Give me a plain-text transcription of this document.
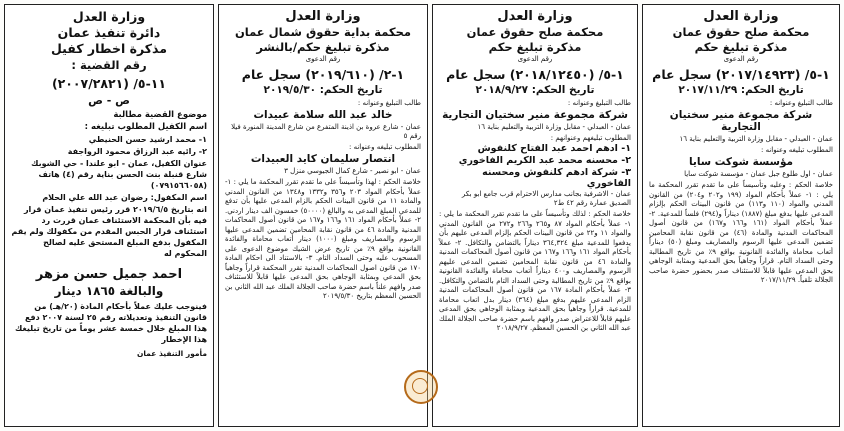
وزارة العدل
محكمة صلح حقوق عمان
مذكرة تبليغ حكم
رقم الدعوى
١-٥/ (٢٠١٧/١٤٩٢٣) سجل عام
تاريخ الحكم: ٢٠١٧/١١/٢٩
طالب التبليغ وعنوانه :
شركة مجموعة منير سختيان التجارية
عمان - العبدلي - مقابل وزارة التربية والتعليم بناية ١٦
المطلوب تبليغه وعنوانه :
مؤسسة شوكت سايا
عمان - اول طلوع جبل عمان - مؤسسة شوكت سايا

خلاصة الحكم : وعليه وتأسيساً على ما تقدم تقرر المحكمة ما يلي : ١- عملاً بأحكام المواد (١٩٩ و٢٠٢ و٢٠٤) من القانون المدني والمواد (١١٠ و١١٣) من قانون البينات الحكم بإلزام المدعى عليها بدفع مبلغ (١٨٨٧) ديناراً و(٢٩٤) فلساً للمدعية. ٢- عملاً بأحكام المواد (١٦١ و١٦٦ و١٦٧) من قانون أصول المحاكمات المدنية والمادة (٤٦) من قانون نقابة المحامين تضمين المدعى عليها الرسوم والمصاريف ومبلغ (٥٠) ديناراً أتعاب محاماة والفائدة القانونية بواقع ٩٪ من تاريخ المطالبة وحتى السداد التام. قراراً وجاهياً بحق المدعية وبمثابة الوجاهي بحق المدعى عليها قابلاً للاستئناف صدر بحضور حضرة صاحب الجلالة تلقياً. ٢٠١٧/١١/٢٩

وزارة العدل
محكمة صلح حقوق عمان
مذكرة تبليغ حكم
رقم الدعوى
١-٥/ (٢٠١٨/١٢٤٥٠) سجل عام
تاريخ الحكم: ٢٠١٨/٩/٢٧
طالب التبليغ وعنوانه :
شركة مجموعة منير سختيان التجارية
عمان - العبدلي - مقابل وزارة التربية والتعليم بناية ١٦
المطلوب تبليغهم وعنوانهم :
١- ادهم احمد عبد الفتاح كلنفوش
٢- محسنه محمد عبد الكريم الفاخوري
٣- شركة ادهم كلنفوش ومحسنه الفاخوري
عمان - الاشرفية بجانب مدارس الاحترام قرب جامع ابو بكر الصديق عمارة رقم ٤٢ ط٢

خلاصة الحكم : لذلك وتأسيساً على ما تقدم تقرر المحكمة ما يلي : ١- عملاً بأحكام المواد ٨٧ و٢٦٥ و٢٦٦ و٢٧٢ من القانون المدني والمواد ١١ و٢٢ من قانون البينات الحكم بإلزام المدعى عليهم بأن يدفعوا للمدعية مبلغ ٣٦٤,٣٢٤ ديناراً بالتضامن والتكافل. ٢- عملاً بأحكام المواد ١٦١ و١٦٦ و١٦٧ من قانون أصول المحاكمات المدنية والمادة ٤٦ من قانون نقابة المحامين تضمين المدعى عليهم الرسوم والمصاريف و٤٠٠ ديناراً أتعاب محاماة والفائدة القانونية بواقع ٩٪ من تاريخ المطالبة وحتى السداد التام بالتضامن والتكافل. ٣- عملاً بأحكام المادة ١٦٧ من قانون أصول المحاكمات المدنية الزام المدعى عليهم بدفع مبلغ (٣٦٤) دينار بدل اتعاب محاماة للمدعية. قراراً وجاهياً بحق المدعية وبمثابة الوجاهي بحق المدعى عليهم قابلاً للاعتراض صدر وافهم باسم حضرة صاحب الجلالة الملك عبد الله الثاني بن الحسين المعظم. ٢٠١٨/٩/٢٧

وزارة العدل
محكمة بداية حقوق شمال عمان
مذكرة تبليغ حكم/بالنشر
رقم الدعوى
١-٢/ (٢٠١٩/٦١٠) سجل عام
تاريخ الحكم: ٢٠١٩/٥/٣٠
طالب التبليغ وعنوانه :
خالد عبد الله سلامة عبيدات
عمان - شارع عروة بن اذينة المتفرع من شارع المدينة المنورة فيلا رقم ٥
المطلوب تبليغه وعنوانه :
انتصار سليمان كايد العبيدات
عمان - ابو نصير - شارع كمال الجيوسي منزل ٣

خلاصة الحكم : لهذا وتأسيساً على ما تقدم تقرر المحكمة ما يلي : ١- عملاً بأحكام المواد ٢٠٣ و٣٥٦ و١٣٣٢ و١٣٤٨ من القانون المدني والمادة ١١ من قانون البينات الحكم بالزام المدعى عليها بأن تدفع للمدعي المبلغ المدعى به والبالغ (٥٠٠٠٠) خمسون الف دينار اردني. ٢- عملاً بأحكام المواد ١٦١ و١٦٦ و١٦٧ من قانون أصول المحاكمات المدنية والمادة ٤٦ من قانون نقابة المحامين تضمين المدعى عليها الرسوم والمصاريف ومبلغ (١٠٠٠) دينار أتعاب محاماة والفائدة القانونية بواقع ٩٪ من تاريخ عرض الشيك موضوع الدعوى على المسحوب عليه وحتى السداد التام. ٣- بالاستناد الى احكام المادة ١٧٠ من قانون اصول المحاكمات المدنية تقرر المحكمة قراراً وجاهياً بحق المدعي وبمثابة الوجاهي بحق المدعى عليها قابلاً للاستئناف صدر وافهم علناً باسم حضرة صاحب الجلالة الملك عبد الله الثاني بن الحسين المعظم بتاريخ ٢٠١٩/٥/٣٠

وزارة العدل
دائرة تنفيذ عمان
مذكرة اخطار كفيل
رقم القضية :
١١-٥/ (٢٠٠٧/٢٨٢١)
ص - ص
موضوع القضية مطالبة
اسم الكفيل المطلوب تبليغه :
١- محمد ارشيد حسن الحنيطي
٢- رائيه عبد الرزاق محمود الرواجفة
عنوان الكفيل، عمان - ابو علندا - حي الشوبك شارع قنبلة بنت الحسن بناية رقم (٤) هاتف (٠٧٩١٥٦٦٠٥٨)
اسم المكفول: رضوان عبد الله علي الحلام
انه بتاريخ ٢٠١٩/٦/٥ قرر رئيس تنفيذ عمان قرار فيه بأن المحكمة الاستئناف عمان قررت رد استئناف قرار الحبس المقدم من مكفولك ولم يقم المكفول بدفع المبلغ المستحق عليه لصالح المحكوم له
احمد جميل حسن مزهر
والبالغة ١٨٦٥ دينار
فينوجب عليك عملاً بأحكام المادة (٢٠/هـ) من قانون التنفيذ وتعديلاته رقم ٢٥ لسنة ٢٠٠٧ دفع هذا المبلغ خلال خمسة عشر يوماً من تاريخ تبليغك هذا الإخطار
مأمور التنفيذ عمان
